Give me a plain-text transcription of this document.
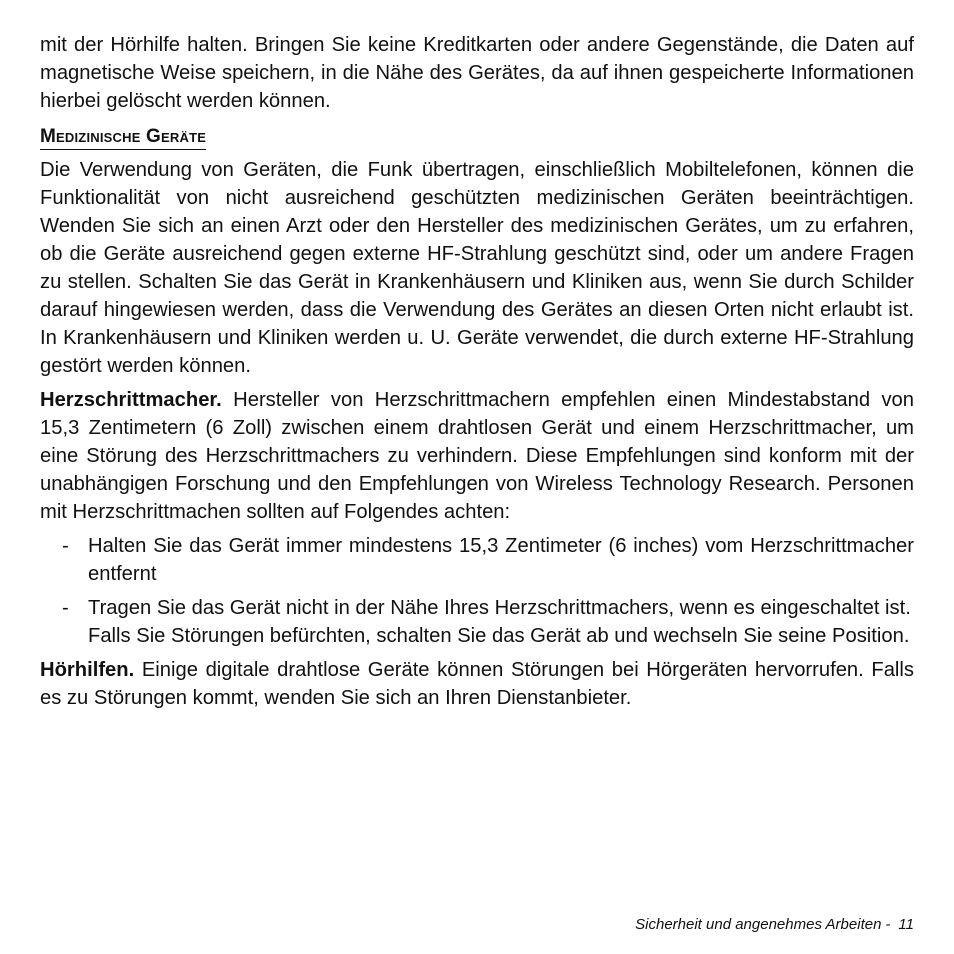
mit der Hörhilfe halten. Bringen Sie keine Kreditkarten oder andere Gegenstände, die Daten auf magnetische Weise speichern, in die Nähe des Gerätes, da auf ihnen gespeicherte Informationen hierbei gelöscht werden können.

Medizinische Geräte

Die Verwendung von Geräten, die Funk übertragen, einschließlich Mobiltelefonen, können die Funktionalität von nicht ausreichend geschützten medizinischen Geräten beeinträchtigen. Wenden Sie sich an einen Arzt oder den Hersteller des medizinischen Gerätes, um zu erfahren, ob die Geräte ausreichend gegen externe HF-Strahlung geschützt sind, oder um andere Fragen zu stellen. Schalten Sie das Gerät in Krankenhäusern und Kliniken aus, wenn Sie durch Schilder darauf hingewiesen werden, dass die Verwendung des Gerätes an diesen Orten nicht erlaubt ist. In Krankenhäusern und Kliniken werden u. U. Geräte verwendet, die durch externe HF-Strahlung gestört werden können.

Herzschrittmacher. Hersteller von Herzschrittmachern empfehlen einen Mindestabstand von 15,3 Zentimetern (6 Zoll) zwischen einem drahtlosen Gerät und einem Herzschrittmacher, um eine Störung des Herzschrittmachers zu verhindern. Diese Empfehlungen sind konform mit der unabhängigen Forschung und den Empfehlungen von Wireless Technology Research. Personen mit Herzschrittmachen sollten auf Folgendes achten:

- Halten Sie das Gerät immer mindestens 15,3 Zentimeter (6 inches) vom Herzschrittmacher entfernt

- Tragen Sie das Gerät nicht in der Nähe Ihres Herzschrittmachers, wenn es eingeschaltet ist.

Falls Sie Störungen befürchten, schalten Sie das Gerät ab und wechseln Sie seine Position.

Hörhilfen. Einige digitale drahtlose Geräte können Störungen bei Hörgeräten hervorrufen. Falls es zu Störungen kommt, wenden Sie sich an Ihren Dienstanbieter.

Sicherheit und angenehmes Arbeiten - 11
